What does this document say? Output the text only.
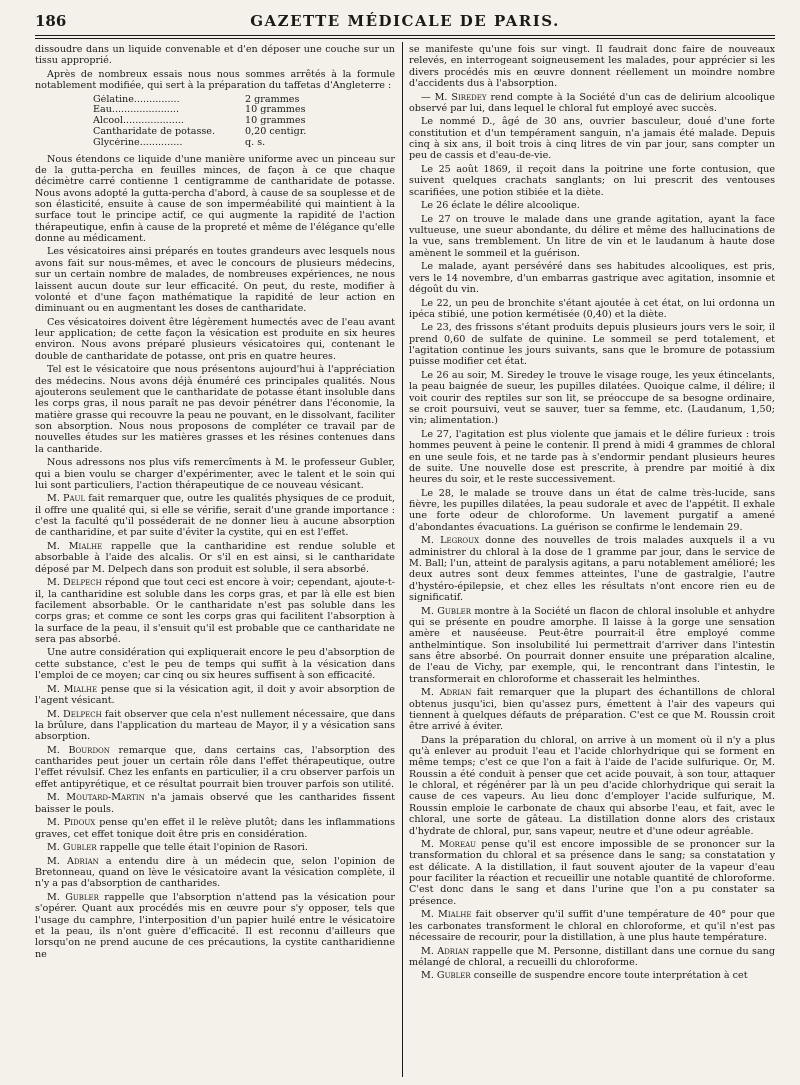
186	GAZETTE MÉDICALE DE PARIS.

dissoudre dans un liquide convenable et d'en déposer une couche sur un tissu approprié.

Après de nombreux essais nous nous sommes arrêtés à la formule notablement modifiée, qui sert à la préparation du taffetas d'Angleterre :

Gélatine...............	2 grammes
Eau......................	10 grammes
Alcool....................	10 grammes
Cantharidate de potasse.	0,20 centigr.
Glycérine..............	q. s.

Nous étendons ce liquide d'une manière uniforme avec un pinceau sur de la gutta-percha en feuilles minces, de façon à ce que chaque décimètre carré contienne 1 centigramme de cantharidate de potasse. Nous avons adopté la gutta-percha d'abord, à cause de sa souplesse et de son élasticité, ensuite à cause de son imperméabilité qui maintient à la surface tout le principe actif, ce qui augmente la rapidité de l'action thérapeutique, enfin à cause de la propreté et même de l'élégance qu'elle donne au médicament.

Les vésicatoires ainsi préparés en toutes grandeurs avec lesquels nous avons fait sur nous-mêmes, et avec le concours de plusieurs médecins, sur un certain nombre de malades, de nombreuses expériences, ne nous laissent aucun doute sur leur efficacité. On peut, du reste, modifier à volonté et d'une façon mathématique la rapidité de leur action en diminuant ou en augmentant les doses de cantharidate.

Ces vésicatoires doivent être légèrement humectés avec de l'eau avant leur application; de cette façon la vésication est produite en six heures environ. Nous avons préparé plusieurs vésicatoires qui, contenant le double de cantharidate de potasse, ont pris en quatre heures.

Tel est le vésicatoire que nous présentons aujourd'hui à l'appréciation des médecins. Nous avons déjà énuméré ces principales qualités. Nous ajouterons seulement que le cantharidate de potasse étant insoluble dans les corps gras, il nous paraît ne pas devoir pénétrer dans l'économie, la matière grasse qui recouvre la peau ne pouvant, en le dissolvant, faciliter son absorption. Nous nous proposons de compléter ce travail par de nouvelles études sur les matières grasses et les résines contenues dans la cantharide.

Nous adressons nos plus vifs remercîments à M. le professeur Gubler, qui a bien voulu se charger d'expérimenter, avec le talent et le soin qui lui sont particuliers, l'action thérapeutique de ce nouveau vésicant.

M. Paul fait remarquer que, outre les qualités physiques de ce produit, il offre une qualité qui, si elle se vérifie, serait d'une grande importance : c'est la faculté qu'il posséderait de ne donner lieu à aucune absorption de cantharidine, et par suite d'éviter la cystite, qui en est l'effet.

M. Mialhe rappelle que la cantharidine est rendue soluble et absorbable à l'aide des alcalis. Or s'il en est ainsi, si le cantharidate déposé par M. Delpech dans son produit est soluble, il sera absorbé.

M. Delpech répond que tout ceci est encore à voir; cependant, ajoute-t-il, la cantharidine est soluble dans les corps gras, et par là elle est bien facilement absorbable. Or le cantharidate n'est pas soluble dans les corps gras; et comme ce sont les corps gras qui facilitent l'absorption à la surface de la peau, il s'ensuit qu'il est probable que ce cantharidate ne sera pas absorbé.

Une autre considération qui expliquerait encore le peu d'absorption de cette substance, c'est le peu de temps qui suffit à la vésication dans l'emploi de ce moyen; car cinq ou six heures suffisent à son efficacité.

M. Mialhe pense que si la vésication agit, il doit y avoir absorption de l'agent vésicant.

M. Delpech fait observer que cela n'est nullement nécessaire, que dans la brûlure, dans l'application du marteau de Mayor, il y a vésication sans absorption.

M. Bourdon remarque que, dans certains cas, l'absorption des cantharides peut jouer un certain rôle dans l'effet thérapeutique, outre l'effet révulsif. Chez les enfants en particulier, il a cru observer parfois un effet antipyrétique, et ce résultat pourrait bien trouver parfois son utilité.

M. Moutard-Martin n'a jamais observé que les cantharides fissent baisser le pouls.

M. Pidoux pense qu'en effet il le relève plutôt; dans les inflammations graves, cet effet tonique doit être pris en considération.

M. Gubler rappelle que telle était l'opinion de Rasori.

M. Adrian a entendu dire à un médecin que, selon l'opinion de Bretonneau, quand on lève le vésicatoire avant la vésication complète, il n'y a pas d'absorption de cantharides.

M. Gubler rappelle que l'absorption n'attend pas la vésication pour s'opérer. Quant aux procédés mis en œuvre pour s'y opposer, tels que l'usage du camphre, l'interposition d'un papier huilé entre le vésicatoire et la peau, ils n'ont guère d'efficacité. Il est reconnu d'ailleurs que lorsqu'on ne prend aucune de ces précautions, la cystite cantharidienne ne

se manifeste qu'une fois sur vingt. Il faudrait donc faire de nouveaux relevés, en interrogeant soigneusement les malades, pour apprécier si les divers procédés mis en œuvre donnent réellement un moindre nombre d'accidents dus à l'absorption.

— M. Siredey rend compte à la Société d'un cas de delirium alcoolique observé par lui, dans lequel le chloral fut employé avec succès.

Le nommé D., âgé de 30 ans, ouvrier basculeur, doué d'une forte constitution et d'un tempérament sanguin, n'a jamais été malade. Depuis cinq à six ans, il boit trois à cinq litres de vin par jour, sans compter un peu de cassis et d'eau-de-vie.

Le 25 août 1869, il reçoit dans la poitrine une forte contusion, que suivent quelques crachats sanglants; on lui prescrit des ventouses scarifiées, une potion stibiée et la diète.

Le 26 éclate le délire alcoolique.

Le 27 on trouve le malade dans une grande agitation, ayant la face vultueuse, une sueur abondante, du délire et même des hallucinations de la vue, sans tremblement. Un litre de vin et le laudanum à haute dose amènent le sommeil et la guérison.

Le malade, ayant persévéré dans ses habitudes alcooliques, est pris, vers le 14 novembre, d'un embarras gastrique avec agitation, insomnie et dégoût du vin.

Le 22, un peu de bronchite s'étant ajoutée à cet état, on lui ordonna un ipéca stibié, une potion kermétisée (0,40) et la diète.

Le 23, des frissons s'étant produits depuis plusieurs jours vers le soir, il prend 0,60 de sulfate de quinine. Le sommeil se perd totalement, et l'agitation continue les jours suivants, sans que le bromure de potassium puisse modifier cet état.

Le 26 au soir, M. Siredey le trouve le visage rouge, les yeux étincelants, la peau baignée de sueur, les pupilles dilatées. Quoique calme, il délire; il voit courir des reptiles sur son lit, se préoccupe de sa besogne ordinaire, se croit poursuivi, veut se sauver, tuer sa femme, etc. (Laudanum, 1,50; vin; alimentation.)

Le 27, l'agitation est plus violente que jamais et le délire furieux : trois hommes peuvent à peine le contenir. Il prend à midi 4 grammes de chloral en une seule fois, et ne tarde pas à s'endormir pendant plusieurs heures de suite. Une nouvelle dose est prescrite, à prendre par moitié à dix heures du soir, et le reste successivement.

Le 28, le malade se trouve dans un état de calme très-lucide, sans fièvre, les pupilles dilatées, la peau sudorale et avec de l'appétit. Il exhale une forte odeur de chloroforme. Un lavement purgatif a amené d'abondantes évacuations. La guérison se confirme le lendemain 29.

M. Legroux donne des nouvelles de trois malades auxquels il a vu administrer du chloral à la dose de 1 gramme par jour, dans le service de M. Ball; l'un, atteint de paralysis agitans, a paru notablement amélioré; les deux autres sont deux femmes atteintes, l'une de gastralgie, l'autre d'hystéro-épilepsie, et chez elles les résultats n'ont encore rien eu de significatif.

M. Gubler montre à la Société un flacon de chloral insoluble et anhydre qui se présente en poudre amorphe. Il laisse à la gorge une sensation amère et nauséeuse. Peut-être pourrait-il être employé comme anthelmintique. Son insolubilité lui permettrait d'arriver dans l'intestin sans être absorbé. On pourrait donner ensuite une préparation alcaline, de l'eau de Vichy, par exemple, qui, le rencontrant dans l'intestin, le transformerait en chloroforme et chasserait les helminthes.

M. Adrian fait remarquer que la plupart des échantillons de chloral obtenus jusqu'ici, bien qu'assez purs, émettent à l'air des vapeurs qui tiennent à quelques défauts de préparation. C'est ce que M. Roussin croit être arrivé à éviter.

Dans la préparation du chloral, on arrive à un moment où il n'y a plus qu'à enlever au produit l'eau et l'acide chlorhydrique qui se forment en même temps; c'est ce que l'on a fait à l'aide de l'acide sulfurique. Or, M. Roussin a été conduit à penser que cet acide pouvait, à son tour, attaquer le chloral, et régénérer par là un peu d'acide chlorhydrique qui serait la cause de ces vapeurs. Au lieu donc d'employer l'acide sulfurique, M. Roussin emploie le carbonate de chaux qui absorbe l'eau, et fait, avec le chloral, une sorte de gâteau. La distillation donne alors des cristaux d'hydrate de chloral, pur, sans vapeur, neutre et d'une odeur agréable.

M. Moreau pense qu'il est encore impossible de se prononcer sur la transformation du chloral et sa présence dans le sang; sa constatation y est délicate. A la distillation, il faut souvent ajouter de la vapeur d'eau pour faciliter la réaction et recueillir une notable quantité de chloroforme. C'est donc dans le sang et dans l'urine que l'on a pu constater sa présence.

M. Mialhe fait observer qu'il suffit d'une température de 40° pour que les carbonates transforment le chloral en chloroforme, et qu'il n'est pas nécessaire de recourir, pour la distillation, à une plus haute température.

M. Adrian rappelle que M. Personne, distillant dans une cornue du sang mélangé de chloral, a recueilli du chloroforme.

M. Gubler conseille de suspendre encore toute interprétation à cet
